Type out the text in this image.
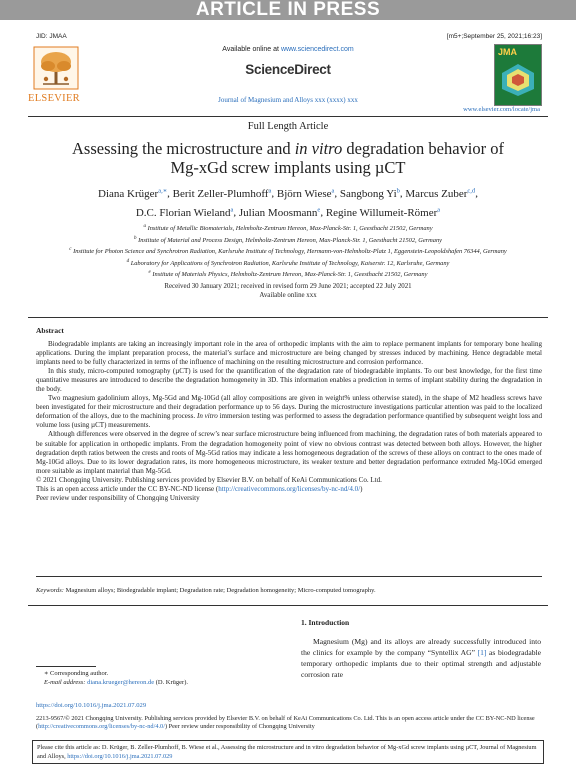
ARTICLE IN PRESS
JID: JMAA	[m5+;September 25, 2021;16:23]
ELSEVIER
Available online at www.sciencedirect.com
ScienceDirect
Journal of Magnesium and Alloys xxx (xxxx) xxx
JMA
www.elsevier.com/locate/jma
Full Length Article
Assessing the microstructure and in vitro degradation behavior of
Mg-xGd screw implants using µCT
Diana Krüger$^{a,∗}$, Berit Zeller-Plumhoff$^a$, Björn Wiese$^a$, Sangbong Yi$^b$, Marcus Zuber$^{c,d}$,
D.C. Florian Wieland$^a$, Julian Moosmann$^e$, Regine Willumeit-Römer$^a$
$^a$ Institute of Metallic Biomaterials, Helmholtz-Zentrum Hereon, Max-Planck-Str. 1, Geesthacht 21502, Germany
$^b$ Institute of Material and Process Design, Helmholtz-Zentrum Hereon, Max-Planck-Str. 1, Geesthacht 21502, Germany
$^c$ Institute for Photon Science and Synchrotron Radiation, Karlsruhe Institute of Technology, Hermann-von-Helmholtz-Platz 1, Eggenstein-Leopoldshafen 76344, Germany
$^d$ Laboratory for Applications of Synchrotron Radiation, Karlsruhe Institute of Technology, Kaiserstr. 12, Karlsruhe, Germany
$^e$ Institute of Materials Physics, Helmholtz-Zentrum Hereon, Max-Planck-Str. 1, Geesthacht 21502, Germany
Received 30 January 2021; received in revised form 29 June 2021; accepted 22 July 2021
Available online xxx
Abstract

Biodegradable implants are taking an increasingly important role in the area of orthopedic implants with the aim to replace permanent implants for temporary bone healing applications. During the implant preparation process, the material’s surface and microstructure are being changed by stresses induced by machining. Hence degradable metal implants need to be fully characterized in terms of the influence of machining on the resulting microstructure and corrosion performance.

In this study, micro-computed tomography (µCT) is used for the quantification of the degradation rate of biodegradable implants. To our best knowledge, for the first time quantitative measures are introduced to describe the degradation homogeneity in 3D. This information enables a prediction in terms of implant stability during the degradation in the body.

Two magnesium gadolinium alloys, Mg-5Gd and Mg-10Gd (all alloy compositions are given in weight% unless otherwise stated), in the shape of M2 headless screws have been investigated for their microstructure and their degradation performance up to 56 days. During the microstructure investigations particular attention was paid to the localized deformation of the alloys, due to the machining process. In vitro immersion testing was performed to assess the degradation performance quantified by subsequent weight loss and volume loss (using µCT) measurements.

Although differences were observed in the degree of screw’s near surface microstructure being influenced from machining, the degradation rates of both materials appeared to be suitable for application in orthopedic implants. From the degradation homogeneity point of view no obvious contrast was detected between both alloys. However, the higher degradation depth ratios between the crests and roots of Mg-5Gd ratios may indicate a less homogeneous degradation of the screws of these alloys on contract to the ones made of Mg-10Gd alloys. Due to its lower degradation rates, its more homogeneous microstructure, its weaker texture and better degradation performance extruded Mg-10Gd emerged more suitable as implant material than Mg-5Gd.

© 2021 Chongqing University. Publishing services provided by Elsevier B.V. on behalf of KeAi Communications Co. Ltd.

This is an open access article under the CC BY-NC-ND license (http://creativecommons.org/licenses/by-nc-nd/4.0/)

Peer review under responsibility of Chongqing University

Keywords: Magnesium alloys; Biodegradable implant; Degradation rate; Degradation homogeneity; Micro-computed tomography.
1. Introduction
Magnesium (Mg) and its alloys are already successfully introduced into the clinics for example by the company “Syntellix AG” [1] as biodegradable temporary orthopedic implants due to their optimal strength and adjustable corrosion rate
∗ Corresponding author.
E-mail address: diana.krueger@hereon.de (D. Krüger).
https://doi.org/10.1016/j.jma.2021.07.029
2213-9567/© 2021 Chongqing University. Publishing services provided by Elsevier B.V. on behalf of KeAi Communications Co. Ltd. This is an open access article under the CC BY-NC-ND license (http://creativecommons.org/licenses/by-nc-nd/4.0/) Peer review under responsibility of Chongqing University
Please cite this article as: D. Krüger, B. Zeller-Plumhoff, B. Wiese et al., Assessing the microstructure and in vitro degradation behavior of Mg-xGd screw implants using µCT, Journal of Magnesium and Alloys, https://doi.org/10.1016/j.jma.2021.07.029
